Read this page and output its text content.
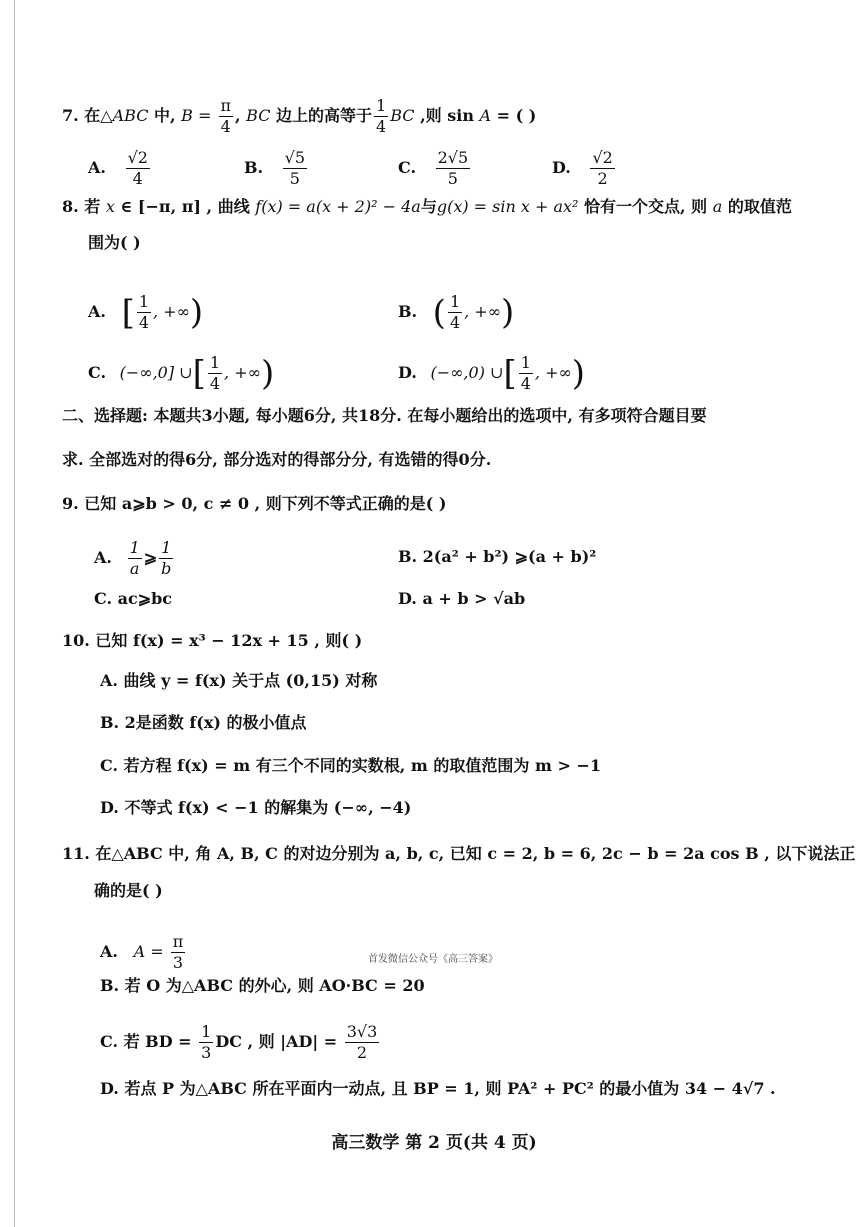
7. 在△ABC 中, $B = \frac{\pi}{4}$ , BC 边上的高等于 $\frac{1}{4}$ BC ,则 sin A = ( )
A. $\frac{√2}{4}$	B. $\frac{√5}{5}$	C. $\frac{2√5}{5}$	D. $\frac{√2}{2}$
8. 若 x ∈ [−π, π] , 曲线 f(x) = a(x + 2)² − 4a与g(x) = sin x + ax² 恰有一个交点, 则 a 的取值范
围为( )
A. [ $\frac{1}{4}$ , +∞)	B. ( $\frac{1}{4}$ , +∞)
C. (−∞,0] ∪[ $\frac{1}{4}$ , +∞)	D. (−∞,0) ∪[ $\frac{1}{4}$ , +∞)
二、选择题: 本题共3小题, 每小题6分, 共18分. 在每小题给出的选项中, 有多项符合题目要
求. 全部选对的得6分, 部分选对的得部分分, 有选错的得0分.
9. 已知 a⩾b > 0, c ≠ 0 , 则下列不等式正确的是( )
A. $\frac{1}{a}$ ⩾ $\frac{1}{b}$	B. 2(a² + b²) ⩾(a + b)²
C. ac⩾bc	D. a + b > √ab
10. 已知 f(x) = x³ − 12x + 15 , 则( )
A. 曲线 y = f(x) 关于点 (0,15) 对称
B. 2是函数 f(x) 的极小值点
C. 若方程 f(x) = m 有三个不同的实数根, m 的取值范围为 m > −1
D. 不等式 f(x) < −1 的解集为 (−∞, −4)
11. 在△ABC 中, 角 A, B, C 的对边分别为 a, b, c, 已知 c = 2, b = 6, 2c − b = 2a cos B , 以下说法正
确的是( )
A. $A = \frac{\pi}{3}$	首发微信公众号《高三答案》
B. 若 O 为△ABC 的外心, 则 AO·BC = 20
C. 若 BD = $\frac{1}{3}$ DC , 则 $|AD| = \frac{3√3}{2}$
D. 若点 P 为△ABC 所在平面内一动点, 且 BP = 1, 则 PA² + PC² 的最小值为 34 − 4√7 .
高三数学 第 2 页(共 4 页)
